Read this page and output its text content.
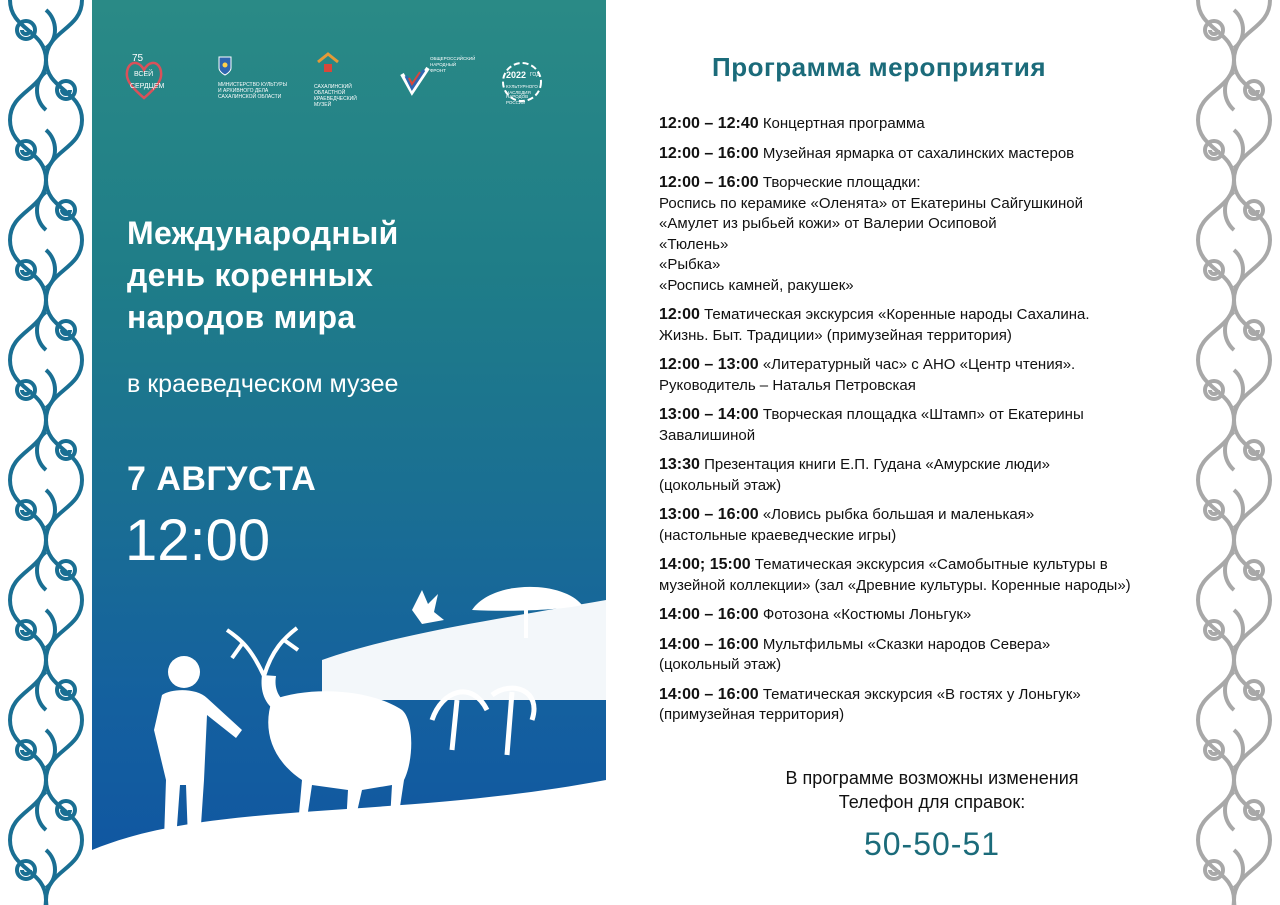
75
ВСЕЙ
СЕРДЦЕМ	МИНИСТЕРСТВО КУЛЬТУРЫ И АРХИВНОГО ДЕЛА САХАЛИНСКОЙ ОБЛАСТИ
САХАЛИНСКИЙ ОБЛАСТНОЙ КРАЕВЕДЧЕСКИЙ МУЗЕЙ
ОБЩЕРОССИЙСКИЙ НАРОДНЫЙ ФРОНТ	2022 ГОД
КУЛЬТУРНОГО НАСЛЕДИЯ
НАРОДОВ РОССИИ
Международный
день коренных
народов мира
в краеведческом музее
7 АВГУСТА
12:00
Программа мероприятия
12:00 – 12:40 Концертная программа
12:00 – 16:00 Музейная ярмарка от сахалинских мастеров
12:00 – 16:00 Творческие площадки:
Роспись по керамике «Оленята» от Екатерины Сайгушкиной
«Амулет из рыбьей кожи» от Валерии Осиповой
«Тюлень»
«Рыбка»
«Роспись камней, ракушек»
12:00 Тематическая экскурсия «Коренные народы Сахалина.
Жизнь. Быт. Традиции» (примузейная территория)
12:00 – 13:00 «Литературный час» с АНО «Центр чтения».
Руководитель – Наталья Петровская
13:00 – 14:00 Творческая площадка «Штамп» от Екатерины
Завалишиной
13:30 Презентация книги Е.П. Гудана «Амурские люди»
(цокольный этаж)
13:00 – 16:00 «Ловись рыбка большая и маленькая»
(настольные краеведческие игры)
14:00; 15:00 Тематическая экскурсия «Самобытные культуры в
музейной коллекции» (зал «Древние культуры. Коренные народы»)
14:00 – 16:00 Фотозона «Костюмы Лоньгук»
14:00 – 16:00 Мультфильмы «Сказки народов Севера»
(цокольный этаж)
14:00 – 16:00 Тематическая экскурсия «В гостях у Лоньгук»
(примузейная территория)
В программе возможны изменения
Телефон для справок:
50-50-51
